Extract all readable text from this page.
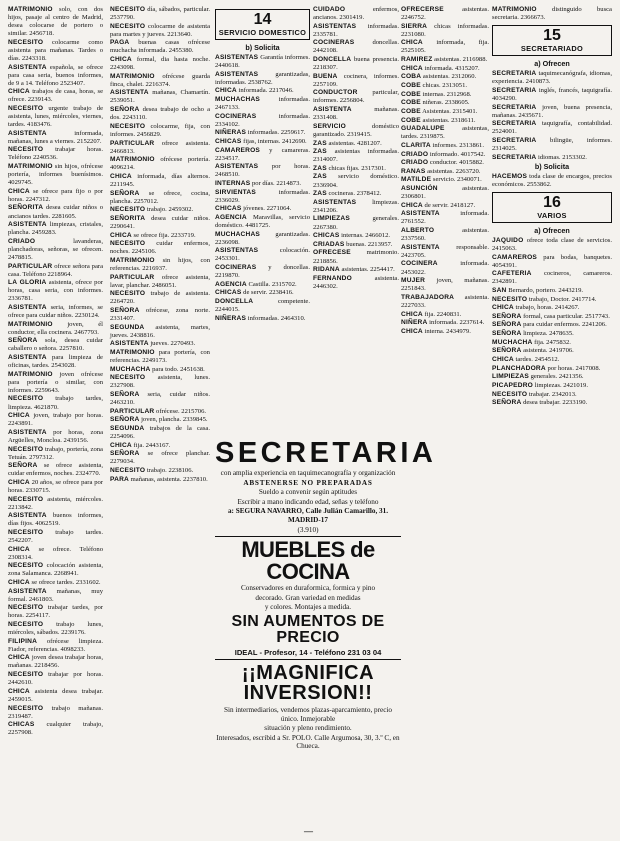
MATRIMONIO solo, con dos hijos, pasaje al centro de Madrid, desea colocarse de portero o similar. 2456718.

NECESITO colocarme como asistenta para mañanas. Tardes o días. 2243318.

ASISTENTA española, se ofrece para casa seria, buenos informes, de 9 a 14. Teléfono 2523407.

CHICA trabajos de casa, horas, se ofrece. 2239143.

NECESITO urgente trabajo de asistenta, lunes, miércoles, viernes, tardes. 4183476.

ASISTENTA	informada, mañanas, lunes a viernes. 2152207.

NECESITO trabajar horas. Teléfono 2240536.

MATRIMONIO sin hijos, ofrécese portería, informes buenísimos. 4029745.

CHICA se ofrece para fijo o por horas. 2247312.

SEÑORITA desea cuidar niños o ancianos tardes. 2281605.

ASISTENTA limpiezas, cristales, plancha. 2459283.

CRIADO	lavanderas, planchadoras, señoras, se ofrecen. 2478815.

PARTICULAR ofrece señora para casa. Teléfono 2218964.

LA GLORIA asistenta, ofrece por horas, casa seria, con informes. 2336781.

ASISTENTA seria, informes, se ofrece para cuidar niños. 2230124.

MATRIMONIO joven, él conductor, ella cocinera. 2467793.

SEÑORA sola, desea cuidar caballero o señora. 2257810.

ASISTENTA para limpieza de oficinas, tardes. 2543028.

MATRIMONIO joven ofrécese para portería o similar, con informes. 2259643.

NECESITO trabajo tardes, limpieza. 4621870.

CHICA joven, trabajo por horas. 2243891.

ASISTENTA por horas, zona Argüelles, Moncloa. 2439156.

NECESITO trabajo, portería, zona Tetuán. 2797312.

SEÑORA se ofrece asistenta, cuidar enfermos, noches. 2324770.

CHICA 20 años, se ofrece para por horas. 2330715.

NECESITO asistenta, miércoles. 2213842.

ASISTENTA buenos informes, días fijos. 4062519.

NECESITO trabajo tardes. 2542207.

CHICA se ofrece. Teléfono 2308314.

NECESITO colocación asistenta, zona Salamanca. 2268941.

CHICA se ofrece tardes. 2331602.

ASISTENTA mañanas, muy formal. 2461803.

NECESITO trabajar tardes, por horas. 2254117.

NECESITO trabajo lunes, miércoles, sábados. 2239176.

FILIPINA ofrécese limpieza. Fiador, referencias. 4098233.

CHICA joven desea trabajar horas, mañanas. 2218456.

NECESITO trabajar por horas. 2442610.

CHICA asistenta desea trabajar. 2459015.

NECESITO trabajo mañanas. 2319487.

CHICAS cualquier trabajo, 2257908.

NECESITO día, sábados, particular. 2537790.

NECESITO colocarme de asistenta para martes y jueves. 2213640.

PAGA buenas casas ofrécese muchacha informada. 2455380.

CHICA formal, dia hasta noche. 2243098.

MATRIMONIO ofrécese guarda finca, chalet. 2216374.

ASISTENTA mañanas, Chamartín. 2539051.

SEÑORA desea trabajo de ocho a dos. 2243110.

NECESITO colocarme, fija, con informes. 2456829.

PARTICULAR ofrece asistenta. 2466813.

MATRIMONIO ofrécese portería. 4096214.

CHICA informada, días alternos. 2211945.

SEÑORA se ofrece, cocina, plancha. 2257012.

NECESITO trabajo. 2459302.

SEÑORITA desea cuidar niños. 2290641.

CHICA se ofrece fija. 2233719.

NECESITO cuidar enfermos, noches. 2245106.

MATRIMONIO sin hijos, con referencias. 2216937.

PARTICULAR ofrece asistenta, lavar, planchar. 2486051.

NECESITO trabajo de asistenta. 2264720.

SEÑORA ofrécese, zona norte. 2331407.

SEGUNDA asistenta, martes, jueves. 2438816.

ASISTENTA jueves. 2270493.

MATRIMONIO para portería, con referencias. 2249173.

MUCHACHA para todo. 2451638.

NECESITO asistenta, lunes. 2327908.

SEÑORA seria, cuidar niños. 2463210.

PARTICULAR ofrécese. 2215706.

SEÑORA joven, plancha. 2339845.

SEGUNDA trabajos de la casa. 2254096.

CHICA fija. 2443167.

SEÑORA se ofrece planchar. 2279034.

NECESITO trabajo. 2238106.

PARA mañanas, asistenta. 2237810.

14
SERVICIO DOMESTICO
b) Solicita

ASISTENTAS Garantía informes. 2440618.

ASISTENTAS	garantizadas, informadas. 2538762.

CHICA informada. 2217046.

MUCHACHAS	informadas. 2467133.

COCINERAS	informadas. 2334102.

NIÑERAS informadas. 2259617.

CHICAS fijas, internas. 2412690.

CAMAREROS y camareras. 2234517.

ASISTENTAS por horas. 2468510.

INTERNAS por días. 2214873.

SIRVIENTAS	informadas. 2336029.

CHICAS jóvenes. 2271064.

AGENCIA Maravillas, servicio doméstico. 4481725.

MUCHACHAS garantizadas. 2236098.

ASISTENTAS	colocación. 2453301.

COCINERAS y doncellas. 2219870.

AGENCIA Castilla. 2315702.

CHICAS de servir. 2238416.

DONCELLA	competente. 2244015.

NIÑERAS informadas. 2464310.

CUIDADO	enfermos, ancianos. 2301419.

ASISTENTAS informadas. 2335781.

COCINERAS	doncellas. 2442108.

DONCELLA buena presencia. 2218307.

BUENA cocinera, informes. 2257109.

CONDUCTOR particular, informes. 2256804.

ASISTENTA	mañanas. 2331408.

SERVICIO	doméstico garantizado. 2319415.

ZAS asistentas. 4281207.

ZAS asistentas informadas. 2314007.

ZAS chicas fijas. 2317301.

ZAS servicio doméstico. 2336904.

ZAS cocineras. 2378412.

ASISTENTAS limpiezas. 2341206.

LIMPIEZAS	generales. 2267380.

CHICAS internas. 2466012.

CRIADAS buenas. 2213957.

OFRECESE matrimonio. 2218856.

RIDANA asistentas. 2254417.

FERNANDO	asistenta. 2446302.

OFRECERSE	asistentas. 2246752.

SIERRA chicas informadas. 2231080.

CHICA informada, fija. 2525105.

RAMIREZ asistentas. 2116988.

CHICA informada. 4315207.

COBA asistentas. 2312060.

COBE chicas. 2313051.

COBE internas. 2312968.

COBE niñeras. 2338605.

COBE Asistentas. 2315401.

COBE asistentas. 2318611.

GUADALUPE	asistentas, tardes. 2319875.

CLARITA informes. 2313861.

CRIADO informado. 4017542.

CRIADO conductor. 4015882.

RANAS asistentas. 2263720.

MATILDE servicio. 2340071.

ASUNCIÓN	asistentas. 2306801.

CHICA de servir. 2418127.

ASISTENTA	informada. 2761552.

ALBERTO	asistentas. 2337560.

ASISTENTA	responsable. 2423705.

COCINERA	informada. 2453022.

MUJER joven, mañanas. 2251843.

TRABAJADORA asistenta. 2227033.

CHICA fija. 2240831.

NIÑERA informada. 2237614.

CHICA interna. 2434979.

MATRIMONIO distinguido busca secretaria. 2366673.

15
SECRETARIADO
a) Ofrecen

SECRETARIA taquimecanógrafa, idiomas, experiencia. 2410873.

SECRETARIA inglés, francés, taquigrafía. 4034290.

SECRETARIA joven, buena presencia, mañanas. 2435671.

SECRETARIA taquigrafía, contabilidad. 2524001.

SECRETARIA bilingüe, informes. 2314025.

SECRETARIA idiomas. 2153302.

b) Solicita

HACEMOS toda clase de encargos, precios económicos. 2553862.

16
VARIOS
a) Ofrecen

JAQUIDO ofrece toda clase de servicios. 2415063.

CAMAREROS para bodas, banquetes. 4054391.

CAFETERIA cocineros, camareros. 2342891.

SAN Bernardo, portero. 2443219.

NECESITO trabajo, Doctor. 2417714.

CHICA trabajo, horas. 2414267.

SEÑORA formal, casa particular. 2517743.

SEÑORA para cuidar enfermos. 2241206.

SEÑORA limpieza. 2478635.

MUCHACHA fija. 2475832.

SEÑORA asistenta. 2419706.

CHICA tardes. 2454512.

PLANCHADORA por horas. 2417008.

LIMPIEZAS generales. 2421356.

PICAPEDRO limpiezas. 2421019.

NECESITO trabajar. 2342013.

SEÑORA desea trabajar. 2233190.

SECRETARIA

con amplia experiencia en taquimecanografía y organización

ABSTENERSE NO PREPARADAS

Sueldo a convenir según aptitudes

Escribir a mano indicando edad, señas y teléfono

a: SEGURA NAVARRO, Calle Julián Camarillo, 31. MADRID-17

(3.910)

MUEBLES de COCINA

Conservadores en duraformica, formica y pino

decorado. Gran variedad en medidas

y colores. Montajes a medida.

SIN AUMENTOS DE PRECIO

IDEAL - Profesor, 14 - Teléfono 231 03 04

¡¡MAGNIFICA INVERSION!!

Sin intermediarios, vendemos plazas-aparcamiento, precio único. Inmejorable

situación y pleno rendimiento.

Interesados, escribid a Sr. POLO. Calle Argumosa, 30, 3.º C, en Chueca.

—
